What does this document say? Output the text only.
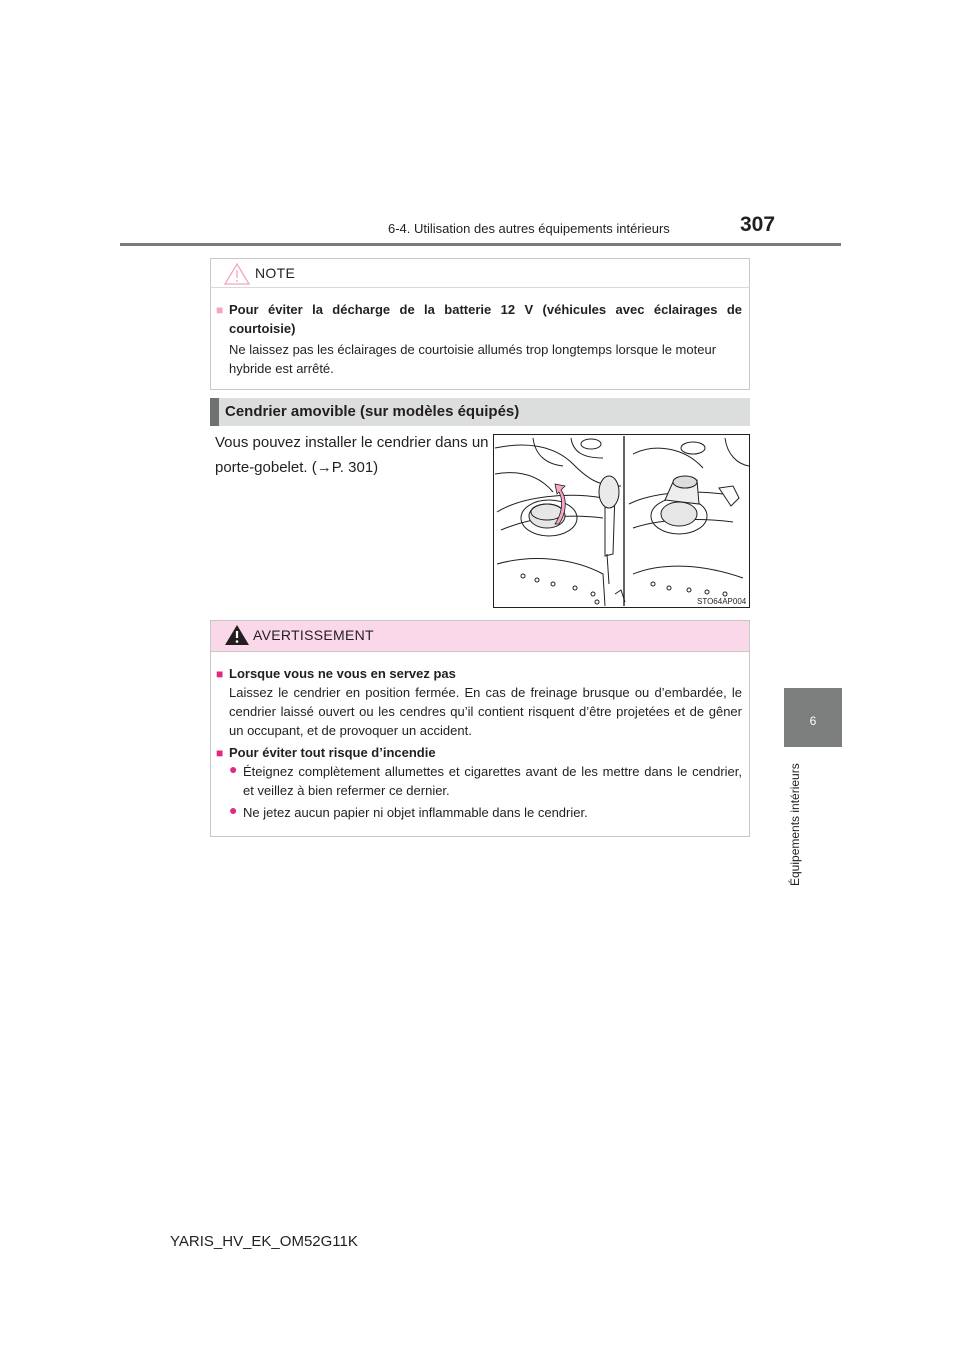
6-4. Utilisation des autres équipements intérieurs	307
6
Équipements intérieurs
NOTE
■ Pour éviter la décharge de la batterie 12 V (véhicules avec éclairages de courtoisie)
Ne laissez pas les éclairages de courtoisie allumés trop longtemps lorsque le moteur hybride est arrêté.
Cendrier amovible (sur modèles équipés)
Vous pouvez installer le cendrier dans un porte-gobelet. (→P. 301)
STO64AP004
AVERTISSEMENT
■ Lorsque vous ne vous en servez pas
Laissez le cendrier en position fermée. En cas de freinage brusque ou d’embardée, le cendrier laissé ouvert ou les cendres qu’il contient risquent d’être projetées et de gêner un occupant, et de provoquer un accident.
■ Pour éviter tout risque d’incendie
● Éteignez complètement allumettes et cigarettes avant de les mettre dans le cendrier, et veillez à bien refermer ce dernier.
● Ne jetez aucun papier ni objet inflammable dans le cendrier.
YARIS_HV_EK_OM52G11K
